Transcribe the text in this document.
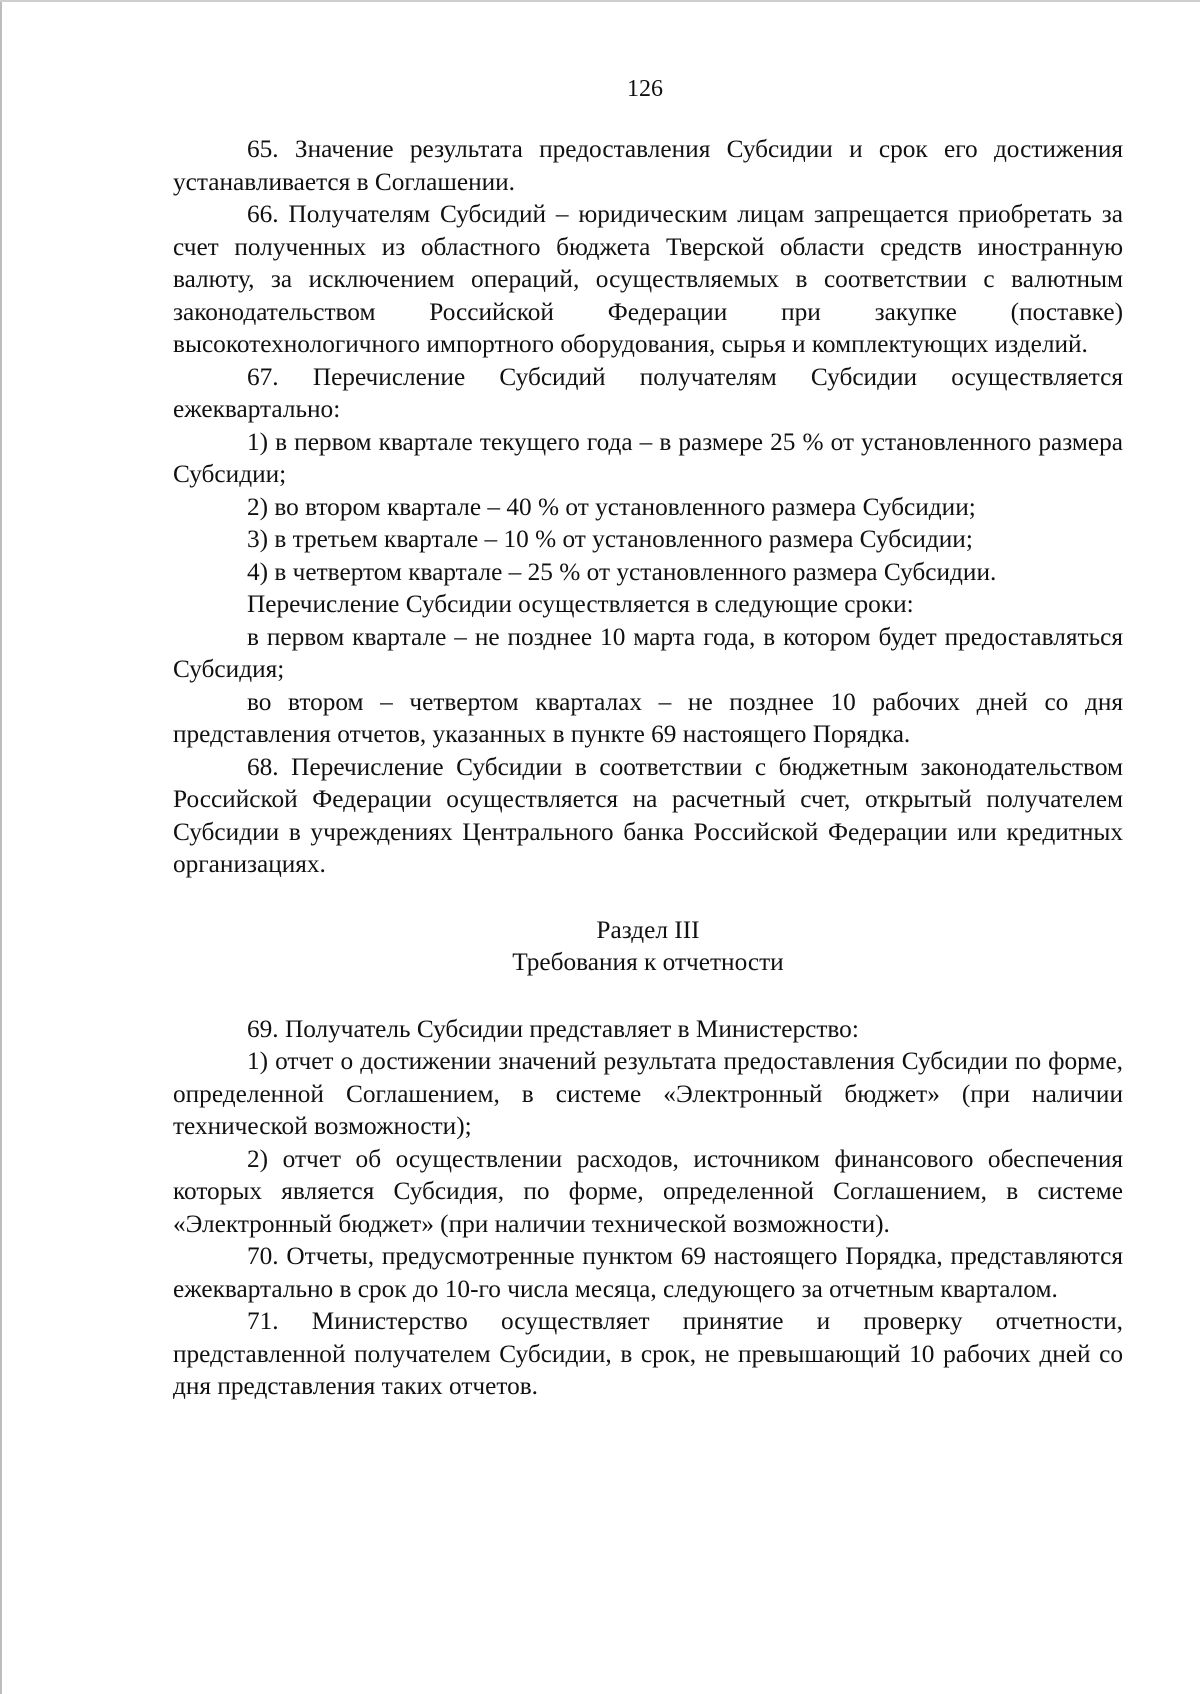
126

65. Значение результата предоставления Субсидии и срок его достижения устанавливается в Соглашении.

66. Получателям Субсидий – юридическим лицам запрещается приобретать за счет полученных из областного бюджета Тверской области средств иностранную валюту, за исключением операций, осуществляемых в соответствии с валютным законодательством Российской Федерации при закупке (поставке) высокотехнологичного импортного оборудования, сырья и комплектующих изделий.

67. Перечисление Субсидий получателям Субсидии осуществляется ежеквартально:

1) в первом квартале текущего года – в размере 25 % от установленного размера Субсидии;

2) во втором квартале – 40 % от установленного размера Субсидии;

3) в третьем квартале – 10 % от установленного размера Субсидии;

4) в четвертом квартале – 25 % от установленного размера Субсидии.

Перечисление Субсидии осуществляется в следующие сроки:

в первом квартале – не позднее 10 марта года, в котором будет предоставляться Субсидия;

во втором – четвертом кварталах – не позднее 10 рабочих дней со дня представления отчетов, указанных в пункте 69 настоящего Порядка.

68. Перечисление Субсидии в соответствии с бюджетным законодательством Российской Федерации осуществляется на расчетный счет, открытый получателем Субсидии в учреждениях Центрального банка Российской Федерации или кредитных организациях.

Раздел III

Требования к отчетности

69. Получатель Субсидии представляет в Министерство:

1) отчет о достижении значений результата предоставления Субсидии по форме, определенной Соглашением, в системе «Электронный бюджет» (при наличии технической возможности);

2) отчет об осуществлении расходов, источником финансового обеспечения которых является Субсидия, по форме, определенной Соглашением, в системе «Электронный бюджет» (при наличии технической возможности).

70. Отчеты, предусмотренные пунктом 69 настоящего Порядка, представляются ежеквартально в срок до 10-го числа месяца, следующего за отчетным кварталом.

71. Министерство осуществляет принятие и проверку отчетности, представленной получателем Субсидии, в срок, не превышающий 10 рабочих дней со дня представления таких отчетов.
